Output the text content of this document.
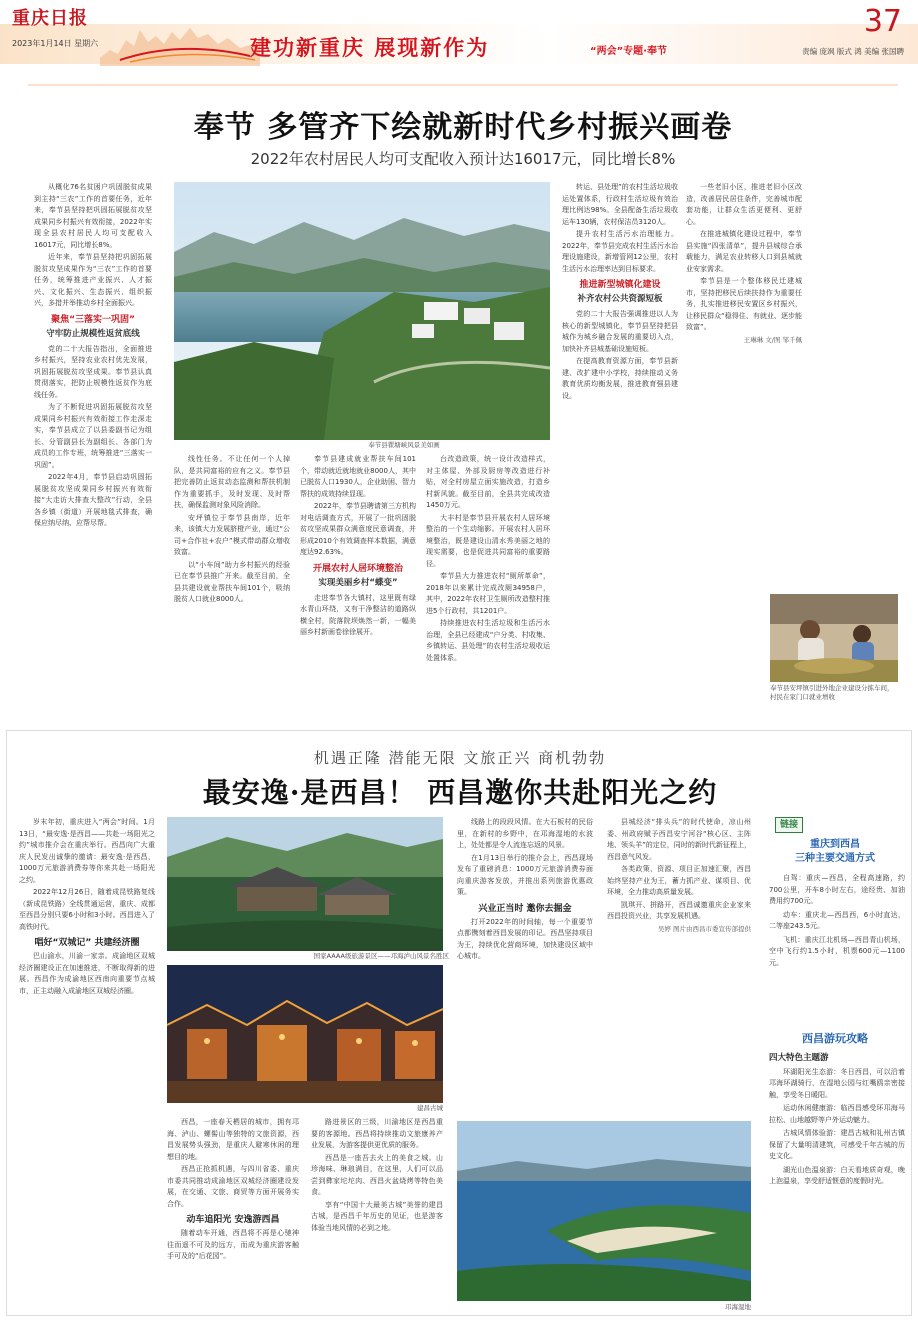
重庆日报
2023年1月14日 星期六	建功新重庆 展现新作为	“两会”专题·奉节
37
责编 庞飒 版式 鸿 美编 张国聘
奉节 多管齐下绘就新时代乡村振兴画卷
2022年农村居民人均可支配收入预计达16017元，同比增长8%

从概化76名贫困户巩固脱贫成果到主持“三农”工作的首要任务，近年来，奉节县坚持把巩固拓展脱贫攻坚成果同乡村振兴有效衔接，2022年实现全县农村居民人均可支配收入16017元，同比增长8%。

近年来，奉节县坚持把巩固拓展脱贫攻坚成果作为“三农”工作的首要任务，统筹推进产业振兴、人才振兴、文化振兴、生态振兴、组织振兴，多措并举推动乡村全面振兴。

聚焦“三落实一巩固”

守牢防止规模性返贫底线

党的二十大报告指出，全面推进乡村振兴，坚持农业农村优先发展，巩固拓展脱贫攻坚成果。奉节县认真贯彻落实，把防止规模性返贫作为底线任务。

为了不断促进巩固拓展脱贫攻坚成果同乡村振兴有效衔接工作走深走实，奉节县成立了以县委副书记为组长、分管副县长为副组长、各部门为成员的工作专班，统筹推进“三落实一巩固”。

2022年4月，奉节县启动巩固拓展脱贫攻坚成果同乡村振兴有效衔接“大走访大排查大整改”行动，全县各乡镇（街道）开展地毯式排查，确保应纳尽纳、应帮尽帮。

奉节县瞿塘峡风景美如画

线性任务。不让任何一个人掉队，是共同富裕的应有之义。奉节县把完善防止返贫动态监测和帮扶机制作为重要抓手，及时发现、及时帮扶，确保监测对象风险消除。

安坪镇位于奉节县南岸，近年来，该镇大力发展脐橙产业，通过“公司+合作社+农户”模式带动群众增收致富。

以“小车间”助力乡村振兴的经验已在奉节县推广开来。截至目前，全县共建设就业帮扶车间101个，吸纳脱贫人口就业8000人。

奉节县建成就业帮扶车间101个，带动就近就地就业8000人，其中已脱贫人口1930人，企业助困、智力帮扶的成效持续显现。

2022年，奉节县聘请第三方机构对电话调查方式，开展了一批巩固脱贫攻坚成果群众满意度民意调查，并形成2010个有效调查样本数据，满意度达92.63%。

开展农村人居环境整治

实现美丽乡村“蝶变”

走进奉节各大镇村，这里既有绿水青山环绕，又有干净整洁的道路纵横全村，院落院坝焕然一新，一幅美丽乡村新画卷徐徐展开。

台改造政策，统一设计改造样式，对主体屋、外部及厨房等改造进行补贴，对全村房屋立面实施改造，打造乡村新风貌。截至目前，全县共完成改造1450万元。

大丰村是奉节县开展农村人居环境整治的一个生动缩影。开展农村人居环境整治，既是建设山清水秀美丽之地的现实需要，也是促进共同富裕的重要路径。

奉节县大力推进农村“厕所革命”，2018年以来累计完成改厕34958户，其中，2022年农村卫生厕所改造整村推进5个行政村，共1201户。

持续推进农村生活垃圾和生活污水治理，全县已经建成“户分类、村收集、乡镇转运、县处理”的农村生活垃圾收运处置体系。

转运、县处理”的农村生活垃圾收运处置体系，行政村生活垃圾有效治理比例达98%。全县配备生活垃圾收运车130辆，农村保洁员3120人。

提升农村生活污水治理能力。2022年，奉节县完成农村生活污水治理设施建设，新增管网12公里，农村生活污水治理率达到目标要求。

推进新型城镇化建设

补齐农村公共资源短板

党的二十大报告强调推进以人为核心的新型城镇化，奉节县坚持把县城作为城乡融合发展的重要切入点，加快补齐县城基础设施短板。

在提高教育资源方面，奉节县新建、改扩建中小学校，持续推动义务教育优质均衡发展，推进教育强县建设。

一些老旧小区，推进老旧小区改造，改善居民居住条件，完善城市配套功能，让群众生活更便利、更舒心。

在推进城镇化建设过程中，奉节县实施“四张清单”，提升县城综合承载能力，满足农业转移人口到县城就业安家需求。

奉节县是一个整体移民迁建城市，坚持把移民后续扶持作为重要任务，扎实推进移民安置区乡村振兴，让移民群众“稳得住、有就业、逐步能致富”。

王琳琳 文/图 邹千佩

奉节县安坪镇引进外地企业建设分拣车间，村民在家门口就业增收
机遇正隆 潜能无限 文旅正兴 商机勃勃
最安逸·是西昌！ 西昌邀你共赴阳光之约

岁末年初，重庆进入“两会”时间。1月13日，“最安逸·是西昌——共赴一场阳光之约”城市推介会在重庆举行。西昌向广大重庆人民发出诚挚的邀请：最安逸·是西昌，1000万元旅游消费券等你来共赴一场阳光之约。

2022年12月26日，随着成昆铁路复线（新成昆铁路）全线贯通运营，重庆、成都至西昌分别只要6小时和3小时。西昌进入了高铁时代。

唱好“双城记” 共建经济圈

巴山渝水，川渝一家亲。成渝地区双城经济圈建设正在加速推进，不断取得新的进展。西昌作为成渝地区西南向重要节点城市，正主动融入成渝地区双城经济圈。

国家AAAA级旅游景区——邛海泸山风景名胜区
建昌古城

西昌，一座春天栖居的城市，拥有邛海、泸山、螺髻山等独特的文旅资源，西昌发展势头强劲，是重庆人避寒休闲的理想目的地。

西昌正抢抓机遇，与四川省委、重庆市委共同推动成渝地区双城经济圈建设发展，在交通、文旅、商贸等方面开展务实合作。

动车追阳光 安逸游西昌

随着动车开通，西昌将不再是心驰神往而遥不可及的远方，而成为重庆游客触手可及的“后花园”。

路进景区的三级，川渝地区是西昌重要的客源地。西昌将持续推动文旅康养产业发展，为游客提供更优质的服务。

西昌是一座吾去火上的美食之城。山珍海味、琳琅满目，在这里，人们可以品尝到彝家坨坨肉、西昌火盆烧烤等特色美食。

享有“中国十大最美古城”美誉的建昌古城，是西昌千年历史的见证，也是游客体验当地风情的必到之地。

线路上的段段风情。在大石板村的民俗里，在新村的乡野中，在邛海湿地的水波上，处处都是令人流连忘返的风景。

在1月13日举行的推介会上，西昌现场发布了重磅消息：1000万元旅游消费券面向重庆游客发放，并推出系列旅游优惠政策。

兴业正当时 邀你去掘金

打开2022年的时间轴，每一个重要节点都镌刻着西昌发展的印记。西昌坚持项目为王，持续优化营商环境，加快建设区域中心城市。

县城经济“排头兵”的时代使命，凉山州委、州政府赋予西昌安宁河谷“核心区、主阵地、领头羊”的定位，同时的新时代新征程上，西昌意气风发。

各类政策、资源、项目正加速汇聚，西昌始终坚持产业为王，蓄力抓产业、谋项目、优环境，全力推动高质量发展。

凯琪开、拼路开，西昌诚邀重庆企业家来西昌投资兴业，共享发展机遇。

吴婷 图片由西昌市委宣传部提供

邛海湿地
链接
重庆到西昌
三种主要交通方式

自驾：重庆—西昌，全程高速路，约700公里，开车8小时左右，途经贵、加油费用约700元。

动车：重庆北—西昌西，6小时直达，二等座243.5元。

飞机：重庆江北机场—西昌青山机场，空中飞行约1.5小时，机票600元—1100元。

西昌游玩攻略

四大特色主题游

环湖阳光生态游：冬日西昌，可以沿着邛海环湖骑行，在湿地公园与红嘴鸥亲密接触，享受冬日暖阳。

运动休闲健康游：临西昌感受环邛海马拉松、山地越野等户外运动魅力。

古城风情体验游：建昌古城和礼州古镇保留了大量明清建筑，可感受千年古城的历史文化。

湖光山色温泉游：白天看地质奇观，晚上泡温泉，享受舒适惬意的度假时光。
